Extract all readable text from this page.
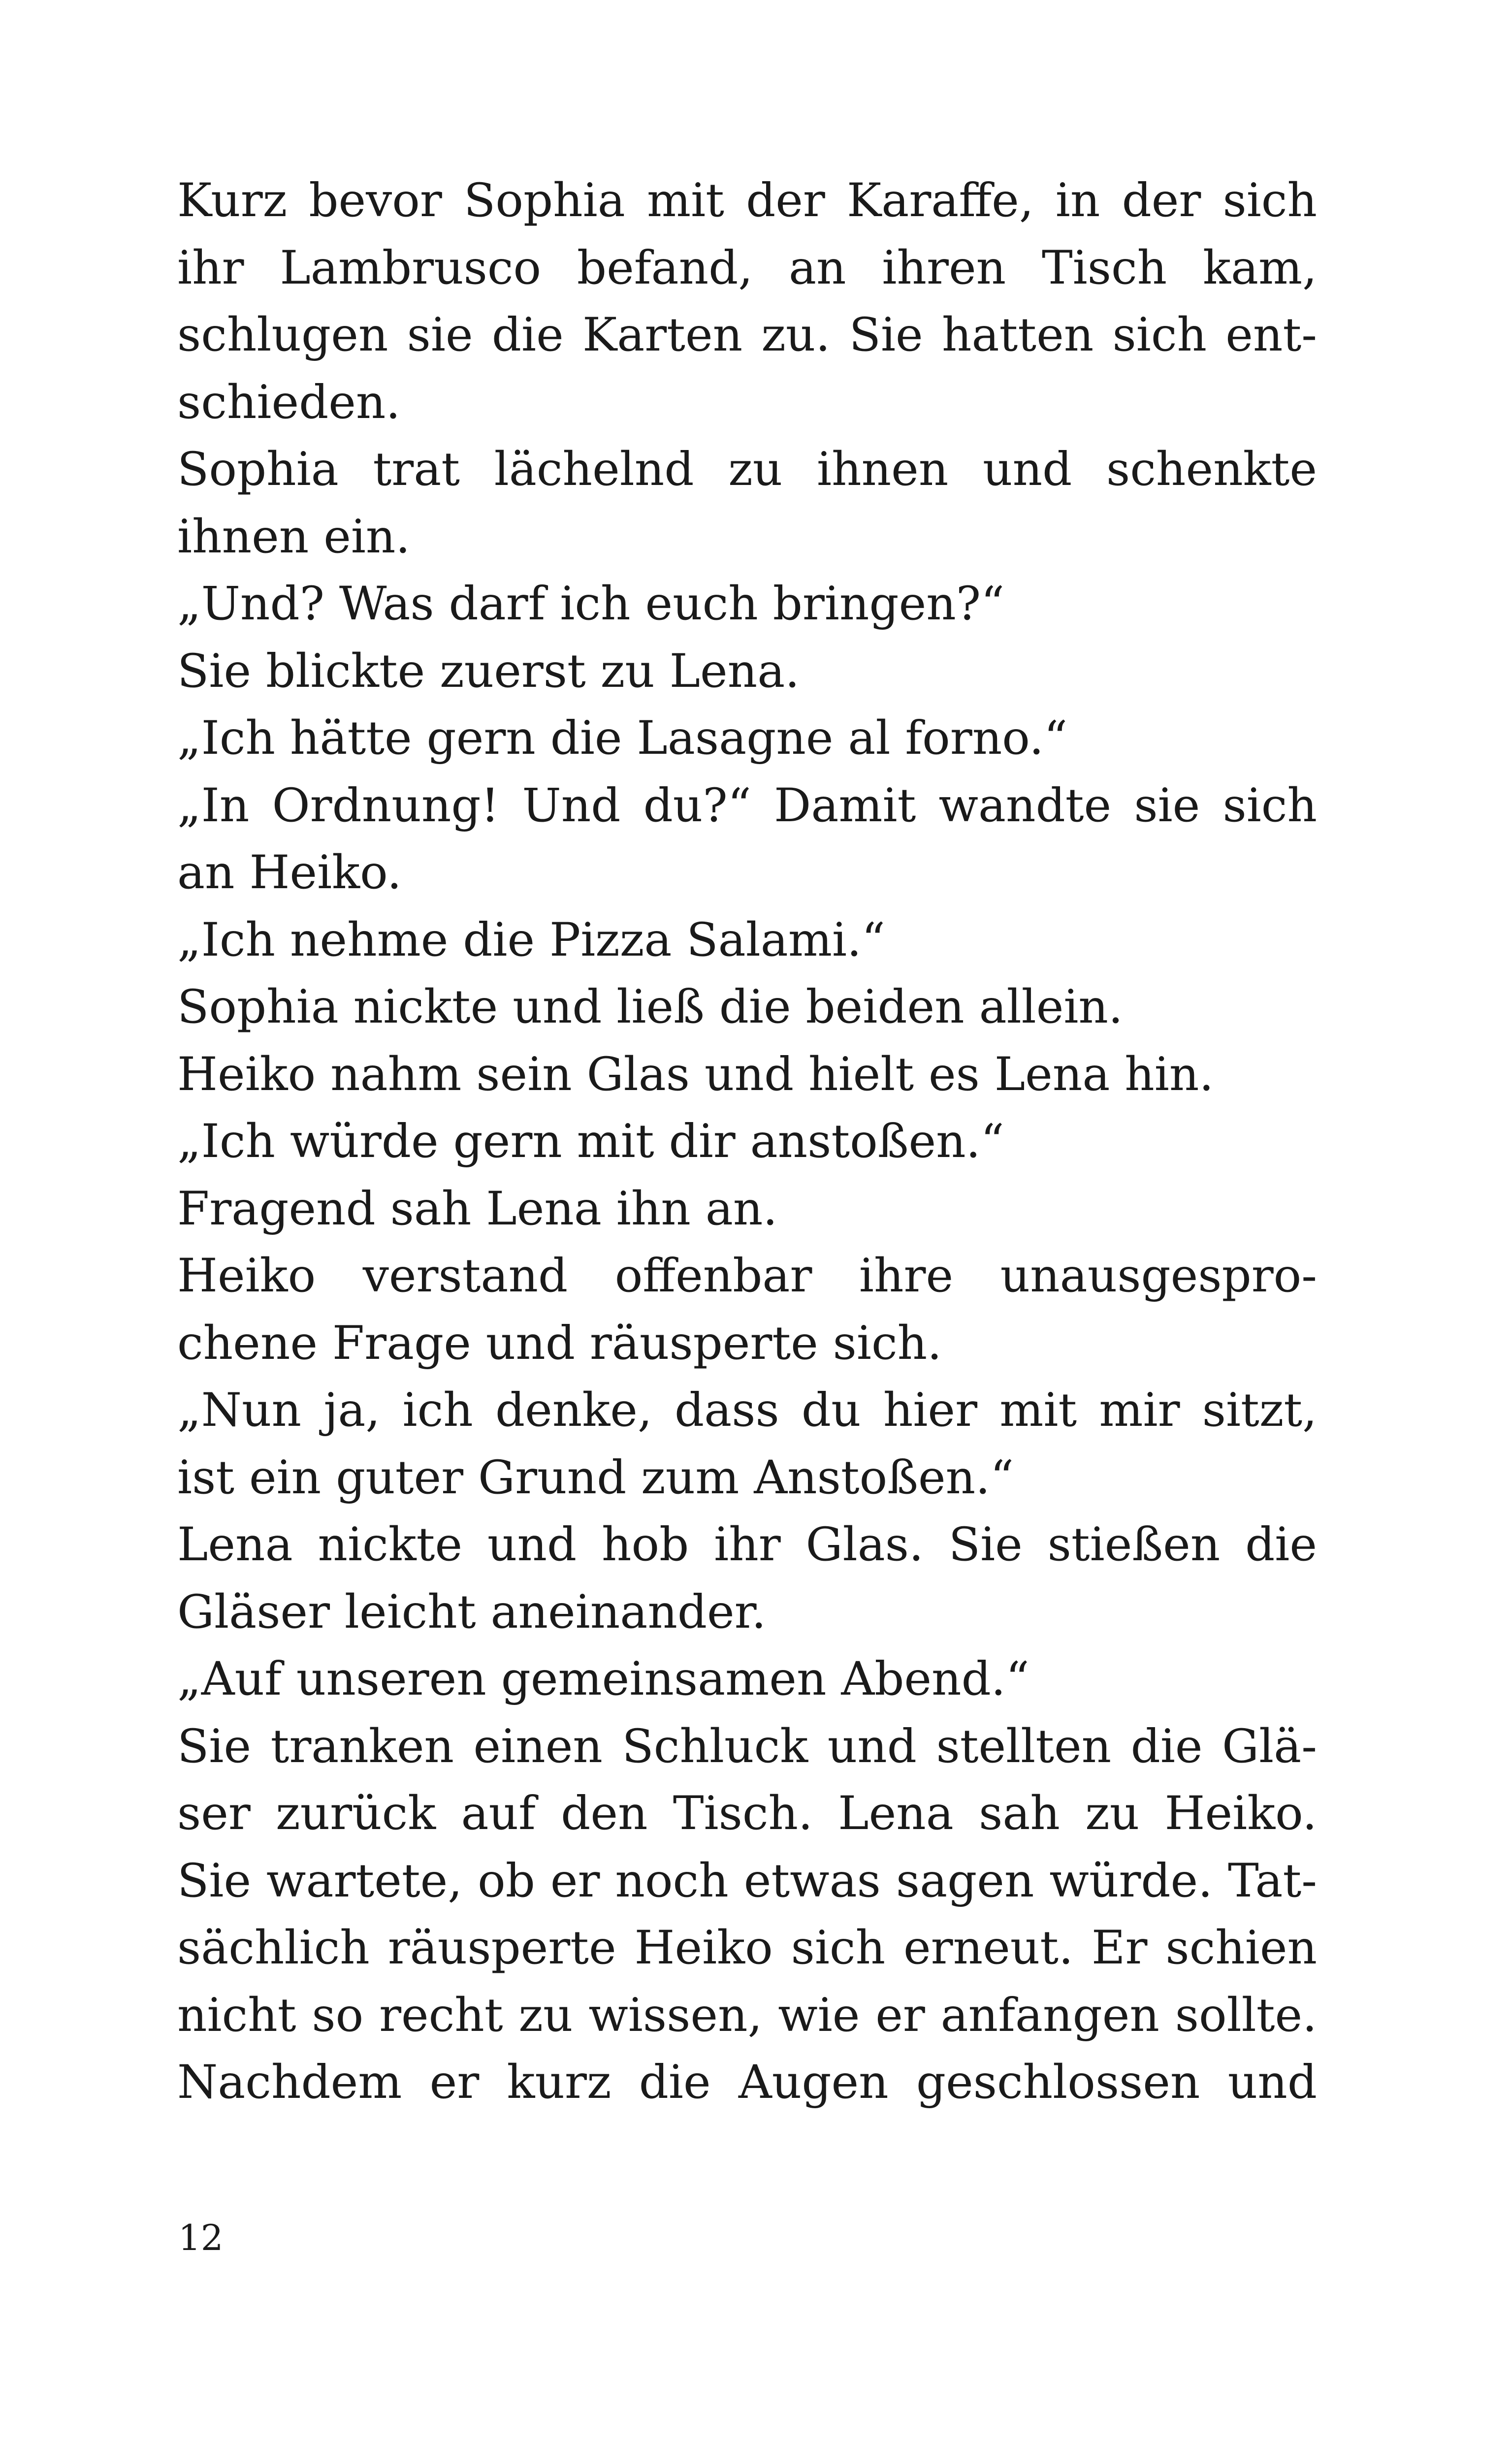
Kurz bevor Sophia mit der Karaffe, in der sich
ihr Lambrusco befand, an ihren Tisch kam,
schlugen sie die Karten zu. Sie hatten sich ent-
schieden.
Sophia trat lächelnd zu ihnen und schenkte
ihnen ein.
„Und? Was darf ich euch bringen?“
Sie blickte zuerst zu Lena.
„Ich hätte gern die Lasagne al forno.“
„In Ordnung! Und du?“ Damit wandte sie sich
an Heiko.
„Ich nehme die Pizza Salami.“
Sophia nickte und ließ die beiden allein.
Heiko nahm sein Glas und hielt es Lena hin.
„Ich würde gern mit dir anstoßen.“
Fragend sah Lena ihn an.
Heiko verstand offenbar ihre unausgespro-
chene Frage und räusperte sich.
„Nun ja, ich denke, dass du hier mit mir sitzt,
ist ein guter Grund zum Anstoßen.“
Lena nickte und hob ihr Glas. Sie stießen die
Gläser leicht aneinander.
„Auf unseren gemeinsamen Abend.“
Sie tranken einen Schluck und stellten die Glä-
ser zurück auf den Tisch. Lena sah zu Heiko.
Sie wartete, ob er noch etwas sagen würde. Tat-
sächlich räusperte Heiko sich erneut. Er schien
nicht so recht zu wissen, wie er anfangen sollte.
Nachdem er kurz die Augen geschlossen und
12
